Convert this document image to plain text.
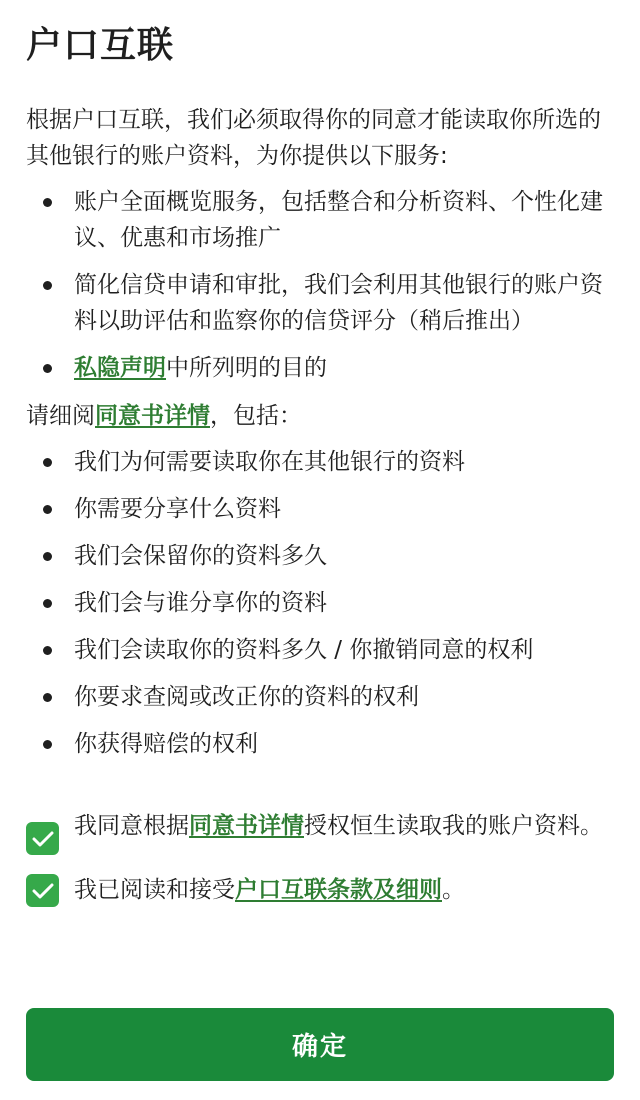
户口互联
根据户口互联，我们必须取得你的同意才能读取你所选的其他银行的账户资料，为你提供以下服务:
账户全面概览服务，包括整合和分析资料、个性化建议、优惠和市场推广
简化信贷申请和审批，我们会利用其他银行的账户资料以助评估和监察你的信贷评分（稍后推出）
私隐声明中所列明的目的
请细阅同意书详情，包括：
我们为何需要读取你在其他银行的资料
你需要分享什么资料
我们会保留你的资料多久
我们会与谁分享你的资料
我们会读取你的资料多久 / 你撤销同意的权利
你要求查阅或改正你的资料的权利
你获得赔偿的权利
我同意根据同意书详情授权恒生读取我的账户资料。
我已阅读和接受户口互联条款及细则。
确定
